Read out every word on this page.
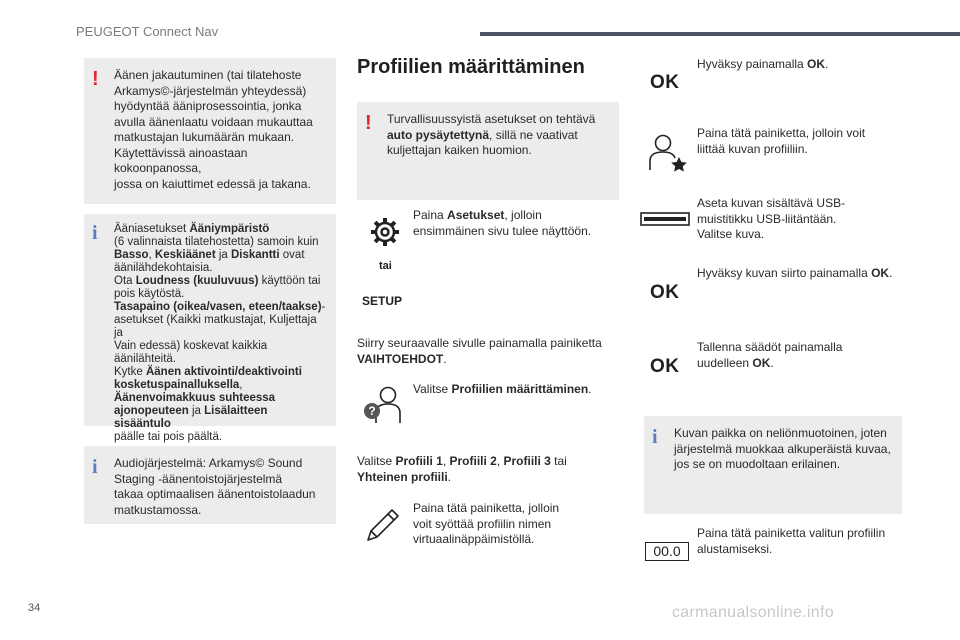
PEUGEOT Connect Nav
! Äänen jakautuminen (tai tilatehoste
Arkamys©-järjestelmän yhteydessä)
hyödyntää ääniprosessointia, jonka
avulla äänenlaatu voidaan mukauttaa
matkustajan lukumäärän mukaan.
Käytettävissä ainoastaan kokoonpanossa,
jossa on kaiuttimet edessä ja takana.
i Ääniasetukset Ääniympäristö
(6 valinnaista tilatehostetta) samoin kuin
Basso, Keskiäänet ja Diskantti ovat
äänilähdekohtaisia.
Ota Loudness (kuuluvuus) käyttöön tai
pois käytöstä.
Tasapaino (oikea/vasen, eteen/taakse)-
asetukset (Kaikki matkustajat, Kuljettaja ja
Vain edessä) koskevat kaikkia äänilähteitä.
Kytke Äänen aktivointi/deaktivointi
kosketuspainalluksella,
Äänenvoimakkuus suhteessa
ajonopeuteen ja Lisälaitteen sisääntulo
päälle tai pois päältä.
i Audiojärjestelmä: Arkamys© Sound
Staging -äänentoistojärjestelmä
takaa optimaalisen äänentoistolaadun
matkustamossa.
Profiilien määrittäminen
! Turvallisuussyistä asetukset on tehtävä
auto pysäytettynä, sillä ne vaativat
kuljettajan kaiken huomion.
Paina Asetukset, jolloin
ensimmäinen sivu tulee näyttöön.
tai
SETUP
Siirry seuraavalle sivulle painamalla painiketta
VAIHTOEHDOT.
?
Valitse Profiilien määrittäminen.
Valitse Profiili 1, Profiili 2, Profiili 3 tai
Yhteinen profiili.
Paina tätä painiketta, jolloin
voit syöttää profiilin nimen
virtuaalinäppäimistöllä.
OK
Hyväksy painamalla OK.
Paina tätä painiketta, jolloin voit
liittää kuvan profiiliin.
Aseta kuvan sisältävä USB-
muistitikku USB-liitäntään.
Valitse kuva.
OK
Hyväksy kuvan siirto painamalla OK.
OK
Tallenna säädöt painamalla
uudelleen OK.
i Kuvan paikka on neliönmuotoinen, joten
järjestelmä muokkaa alkuperäistä kuvaa,
jos se on muodoltaan erilainen.
00.0
Paina tätä painiketta valitun profiilin
alustamiseksi.
34	carmanualsonline.info
